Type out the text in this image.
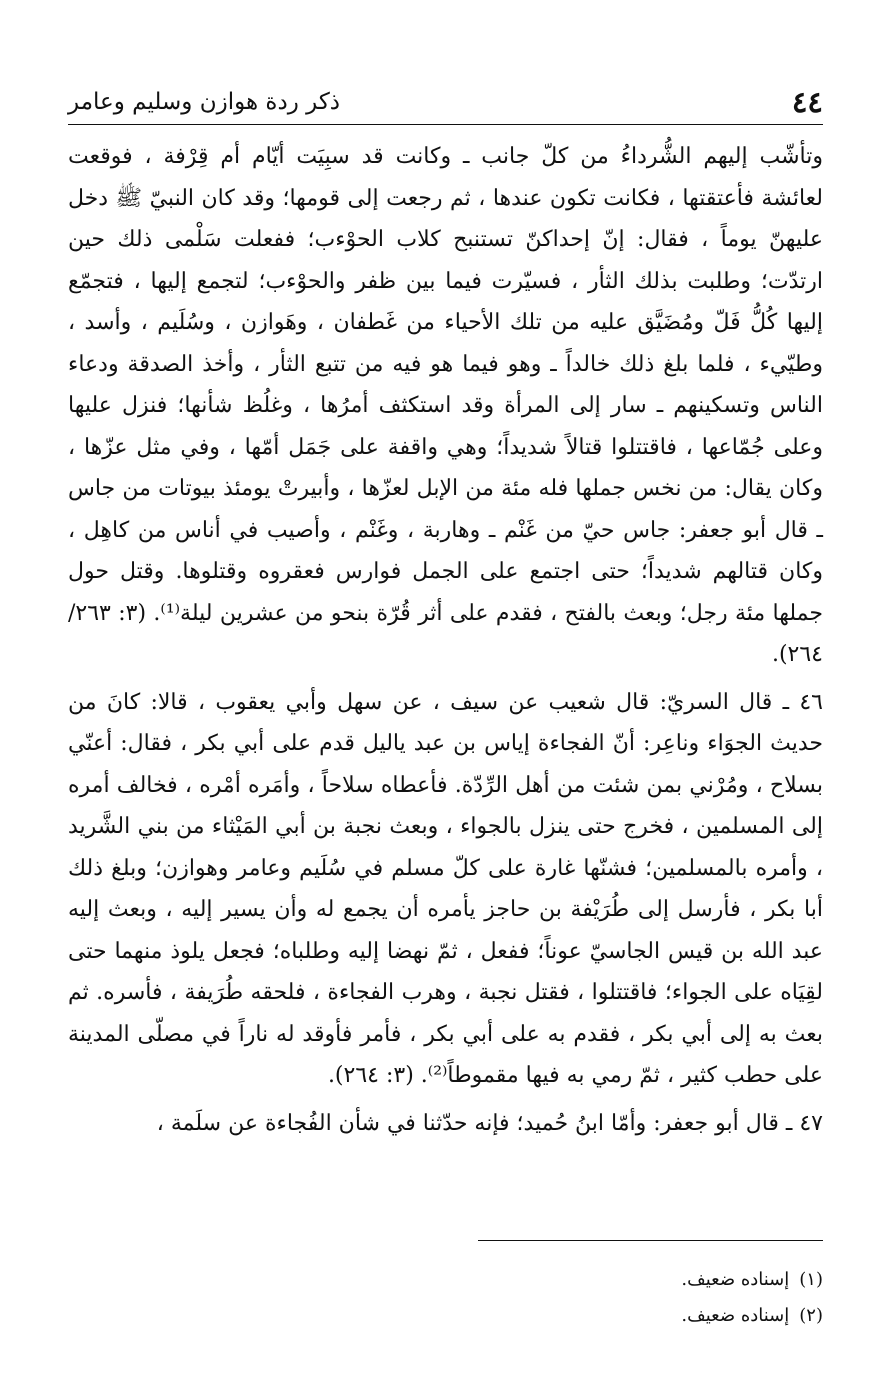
٤٤
ذكر ردة هوازن وسليم وعامر

وتأشّب إليهم الشُّرداءُ من كلّ جانب ـ وكانت قد سبِيَت أيّام أم قِرْفة ، فوقعت لعائشة فأعتقتها ، فكانت تكون عندها ، ثم رجعت إلى قومها؛ وقد كان النبيّ ﷺ دخل عليهنّ يوماً ، فقال: إنّ إحداكنّ تستنبح كلاب الحوْءب؛ ففعلت سَلْمى ذلك حين ارتدّت؛ وطلبت بذلك الثأر ، فسيّرت فيما بين ظفر والحوْءب؛ لتجمع إليها ، فتجمّع إليها كُلُّ فَلّ ومُضَيَّق عليه من تلك الأحياء من غَطفان ، وهَوازن ، وسُلَيم ، وأسد ، وطيّيء ، فلما بلغ ذلك خالداً ـ وهو فيما هو فيه من تتبع الثأر ، وأخذ الصدقة ودعاء الناس وتسكينهم ـ سار إلى المرأة وقد استكثف أمرُها ، وغلُظ شأنها؛ فنزل عليها وعلى جُمّاعها ، فاقتتلوا قتالاً شديداً؛ وهي واقفة على جَمَل أمّها ، وفي مثل عزّها ، وكان يقال: من نخس جملها فله مئة من الإبل لعزّها ، وأبيرتْ يومئذ بيوتات من جاس ـ قال أبو جعفر: جاس حيّ من غَنْم ـ وهاربة ، وغَنْم ، وأصيب في أناس من كاهِل ، وكان قتالهم شديداً؛ حتى اجتمع على الجمل فوارس فعقروه وقتلوها. وقتل حول جملها مئة رجل؛ وبعث بالفتح ، فقدم على أثر قُرّة بنحو من عشرين ليلة⁽¹⁾. (٣: ٢٦٣/ ٢٦٤).

٤٦ ـ قال السريّ: قال شعيب عن سيف ، عن سهل وأبي يعقوب ، قالا: كانَ من حديث الجوَاء وناعِر: أنّ الفجاءة إياس بن عبد ياليل قدم على أبي بكر ، فقال: أعنّي بسلاح ، ومُرْني بمن شئت من أهل الرِّدّة. فأعطاه سلاحاً ، وأمَره أمْره ، فخالف أمره إلى المسلمين ، فخرج حتى ينزل بالجواء ، وبعث نجبة بن أبي المَيْثاء من بني الشَّريد ، وأمره بالمسلمين؛ فشنّها غارة على كلّ مسلم في سُلَيم وعامر وهوازن؛ وبلغ ذلك أبا بكر ، فأرسل إلى طُرَيْفة بن حاجز يأمره أن يجمع له وأن يسير إليه ، وبعث إليه عبد الله بن قيس الجاسيّ عوناً؛ ففعل ، ثمّ نهضا إليه وطلباه؛ فجعل يلوذ منهما حتى لقِيَاه على الجواء؛ فاقتتلوا ، فقتل نجبة ، وهرب الفجاءة ، فلحقه طُرَيفة ، فأسره. ثم بعث به إلى أبي بكر ، فقدم به على أبي بكر ، فأمر فأوقد له ناراً في مصلّى المدينة على حطب كثير ، ثمّ رمي به فيها مقموطاً⁽²⁾. (٣: ٢٦٤).

٤٧ ـ قال أبو جعفر: وأمّا ابنُ حُميد؛ فإنه حدّثنا في شأن الفُجاءة عن سلَمة ،

(١)إسناده ضعيف.
(٢)إسناده ضعيف.
